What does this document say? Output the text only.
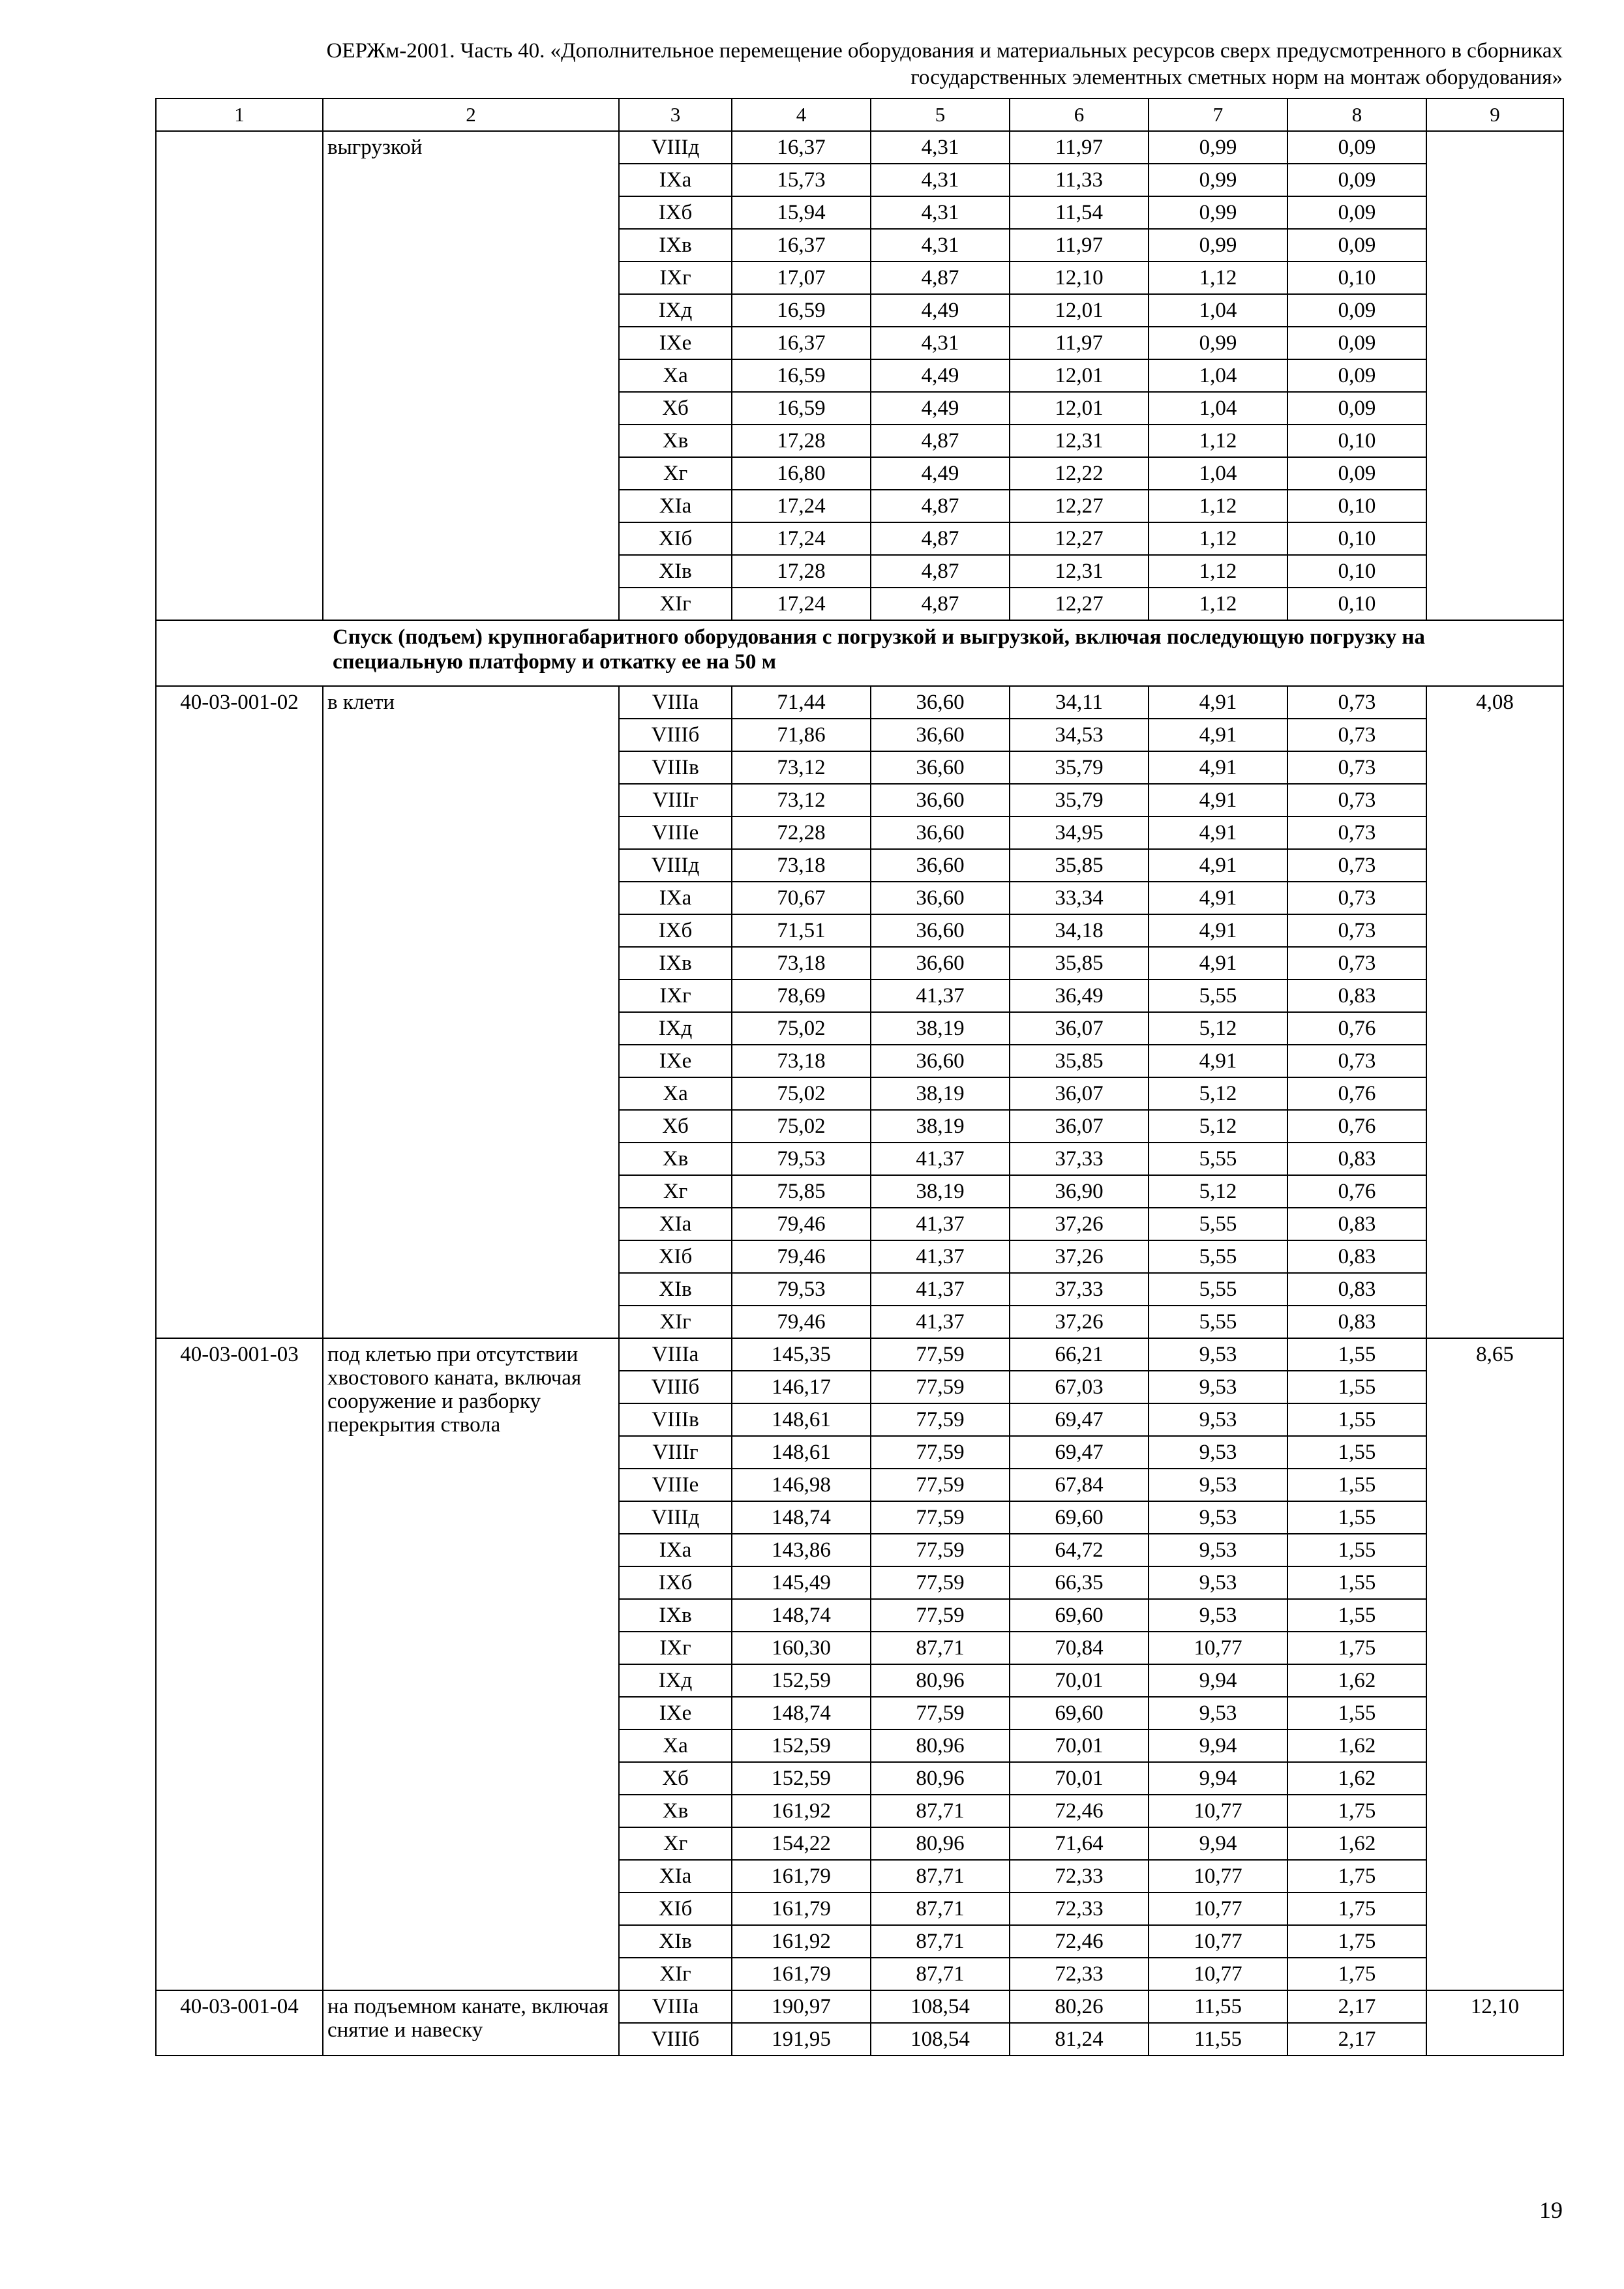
ОЕРЖм-2001. Часть 40. «Дополнительное перемещение оборудования и материальных ресурсов сверх предусмотренного в сборниках
государственных элементных сметных норм на монтаж оборудования»
1	2	3	4	5	6	7	8	9
	выгрузкой	VIIIд	16,37	4,31	11,97	0,99	0,09	
		IXа	15,73	4,31	11,33	0,99	0,09	
		IXб	15,94	4,31	11,54	0,99	0,09	
		IXв	16,37	4,31	11,97	0,99	0,09	
		IXг	17,07	4,87	12,10	1,12	0,10	
		IXд	16,59	4,49	12,01	1,04	0,09	
		IXе	16,37	4,31	11,97	0,99	0,09	
		Xа	16,59	4,49	12,01	1,04	0,09	
		Xб	16,59	4,49	12,01	1,04	0,09	
		Xв	17,28	4,87	12,31	1,12	0,10	
		Xг	16,80	4,49	12,22	1,04	0,09	
		XIа	17,24	4,87	12,27	1,12	0,10	
		XIб	17,24	4,87	12,27	1,12	0,10	
		XIв	17,28	4,87	12,31	1,12	0,10	
		XIг	17,24	4,87	12,27	1,12	0,10	
Спуск (подъем) крупногабаритного оборудования с погрузкой и выгрузкой, включая последующую погрузку на специальную платформу и откатку ее на 50 м								
40-03-001-02	в клети	VIIIа	71,44	36,60	34,11	4,91	0,73	4,08
		VIIIб	71,86	36,60	34,53	4,91	0,73	
		VIIIв	73,12	36,60	35,79	4,91	0,73	
		VIIIг	73,12	36,60	35,79	4,91	0,73	
		VIIIе	72,28	36,60	34,95	4,91	0,73	
		VIIIд	73,18	36,60	35,85	4,91	0,73	
		IXа	70,67	36,60	33,34	4,91	0,73	
		IXб	71,51	36,60	34,18	4,91	0,73	
		IXв	73,18	36,60	35,85	4,91	0,73	
		IXг	78,69	41,37	36,49	5,55	0,83	
		IXд	75,02	38,19	36,07	5,12	0,76	
		IXе	73,18	36,60	35,85	4,91	0,73	
		Xа	75,02	38,19	36,07	5,12	0,76	
		Xб	75,02	38,19	36,07	5,12	0,76	
		Xв	79,53	41,37	37,33	5,55	0,83	
		Xг	75,85	38,19	36,90	5,12	0,76	
		XIа	79,46	41,37	37,26	5,55	0,83	
		XIб	79,46	41,37	37,26	5,55	0,83	
		XIв	79,53	41,37	37,33	5,55	0,83	
		XIг	79,46	41,37	37,26	5,55	0,83	
40-03-001-03	под клетью при отсутствии хвостового каната, включая сооружение и разборку перекрытия ствола	VIIIа	145,35	77,59	66,21	9,53	1,55	8,65
		VIIIб	146,17	77,59	67,03	9,53	1,55	
		VIIIв	148,61	77,59	69,47	9,53	1,55	
		VIIIг	148,61	77,59	69,47	9,53	1,55	
		VIIIе	146,98	77,59	67,84	9,53	1,55	
		VIIIд	148,74	77,59	69,60	9,53	1,55	
		IXа	143,86	77,59	64,72	9,53	1,55	
		IXб	145,49	77,59	66,35	9,53	1,55	
		IXв	148,74	77,59	69,60	9,53	1,55	
		IXг	160,30	87,71	70,84	10,77	1,75	
		IXд	152,59	80,96	70,01	9,94	1,62	
		IXе	148,74	77,59	69,60	9,53	1,55	
		Xа	152,59	80,96	70,01	9,94	1,62	
		Xб	152,59	80,96	70,01	9,94	1,62	
		Xв	161,92	87,71	72,46	10,77	1,75	
		Xг	154,22	80,96	71,64	9,94	1,62	
		XIа	161,79	87,71	72,33	10,77	1,75	
		XIб	161,79	87,71	72,33	10,77	1,75	
		XIв	161,92	87,71	72,46	10,77	1,75	
		XIг	161,79	87,71	72,33	10,77	1,75	
40-03-001-04	на подъемном канате, включая снятие и навеску	VIIIа	190,97	108,54	80,26	11,55	2,17	12,10
		VIIIб	191,95	108,54	81,24	11,55	2,17	
19
